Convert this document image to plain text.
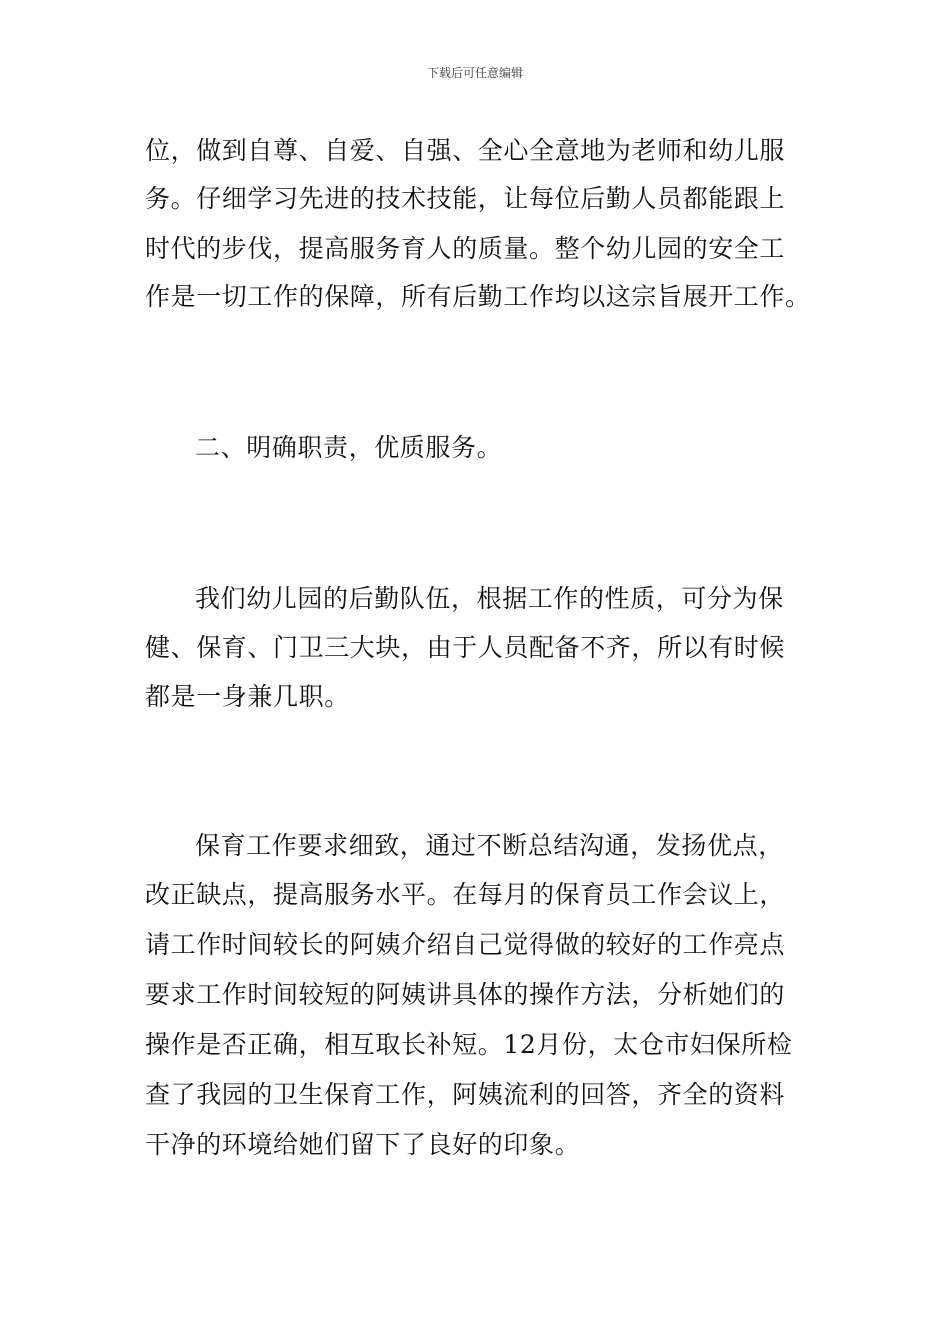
下载后可任意编辑
位，做到自尊、自爱、自强、全心全意地为老师和幼儿服
务。仔细学习先进的技术技能，让每位后勤人员都能跟上
时代的步伐，提高服务育人的质量。整个幼儿园的安全工
作是一切工作的保障，所有后勤工作均以这宗旨展开工作。
二、明确职责，优质服务。
我们幼儿园的后勤队伍，根据工作的性质，可分为保
健、保育、门卫三大块，由于人员配备不齐，所以有时候
都是一身兼几职。
保育工作要求细致，通过不断总结沟通，发扬优点，
改正缺点，提高服务水平。在每月的保育员工作会议上，
请工作时间较长的阿姨介绍自己觉得做的较好的工作亮点
要求工作时间较短的阿姨讲具体的操作方法，分析她们的
操作是否正确，相互取长补短。12月份，太仓市妇保所检
查了我园的卫生保育工作，阿姨流利的回答，齐全的资料
干净的环境给她们留下了良好的印象。
